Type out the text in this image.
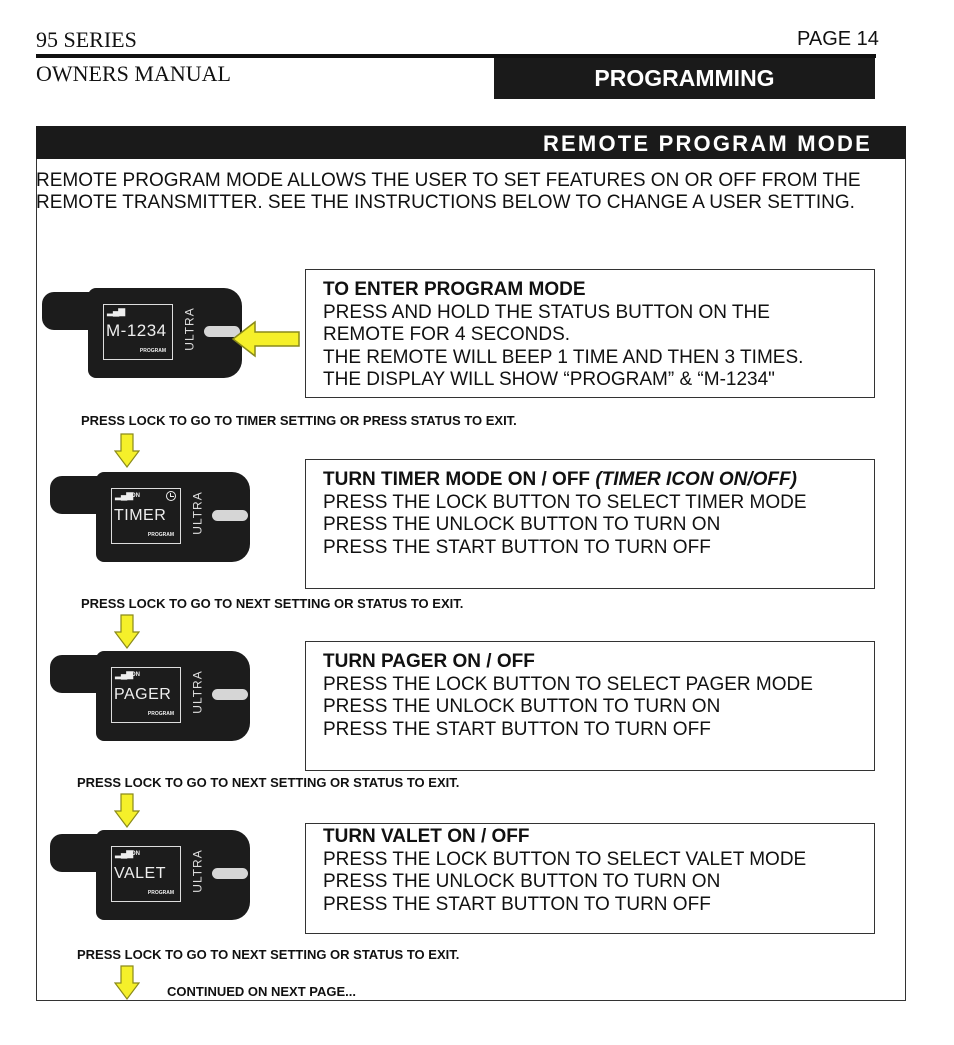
95 SERIES	PAGE 14
OWNERS MANUAL	PROGRAMMING
REMOTE PROGRAM MODE
REMOTE PROGRAM MODE ALLOWS THE USER TO SET FEATURES ON OR OFF FROM THE REMOTE TRANSMITTER. SEE THE INSTRUCTIONS BELOW TO CHANGE A USER SETTING.
▂▄▆
M-1234
PROGRAM
ULTRA
▂▄▆
ON
TIMER
PROGRAM
ULTRA
▂▄▆
ON
PAGER
PROGRAM
ULTRA
▂▄▆
ON
VALET
PROGRAM
ULTRA
TO ENTER PROGRAM MODE
PRESS AND HOLD THE STATUS BUTTON ON THE
REMOTE FOR 4 SECONDS.
THE REMOTE WILL BEEP 1 TIME AND THEN 3 TIMES.
THE DISPLAY WILL SHOW “PROGRAM” & “M-1234"
TURN TIMER MODE ON / OFF (TIMER ICON ON/OFF)
PRESS THE LOCK BUTTON TO SELECT TIMER MODE
PRESS THE UNLOCK BUTTON TO TURN ON
PRESS THE START BUTTON TO TURN OFF
TURN PAGER ON / OFF
PRESS THE LOCK BUTTON TO SELECT PAGER MODE
PRESS THE UNLOCK BUTTON TO TURN ON
PRESS THE START BUTTON TO TURN OFF
TURN VALET ON / OFF
PRESS THE LOCK BUTTON TO SELECT VALET MODE
PRESS THE UNLOCK BUTTON TO TURN ON
PRESS THE START BUTTON TO TURN OFF
PRESS LOCK TO GO TO TIMER SETTING OR PRESS STATUS TO EXIT.
PRESS LOCK TO GO TO NEXT SETTING OR STATUS TO EXIT.
PRESS LOCK TO GO TO NEXT SETTING OR STATUS TO EXIT.
PRESS LOCK TO GO TO NEXT SETTING OR STATUS TO EXIT.
CONTINUED ON NEXT PAGE...
